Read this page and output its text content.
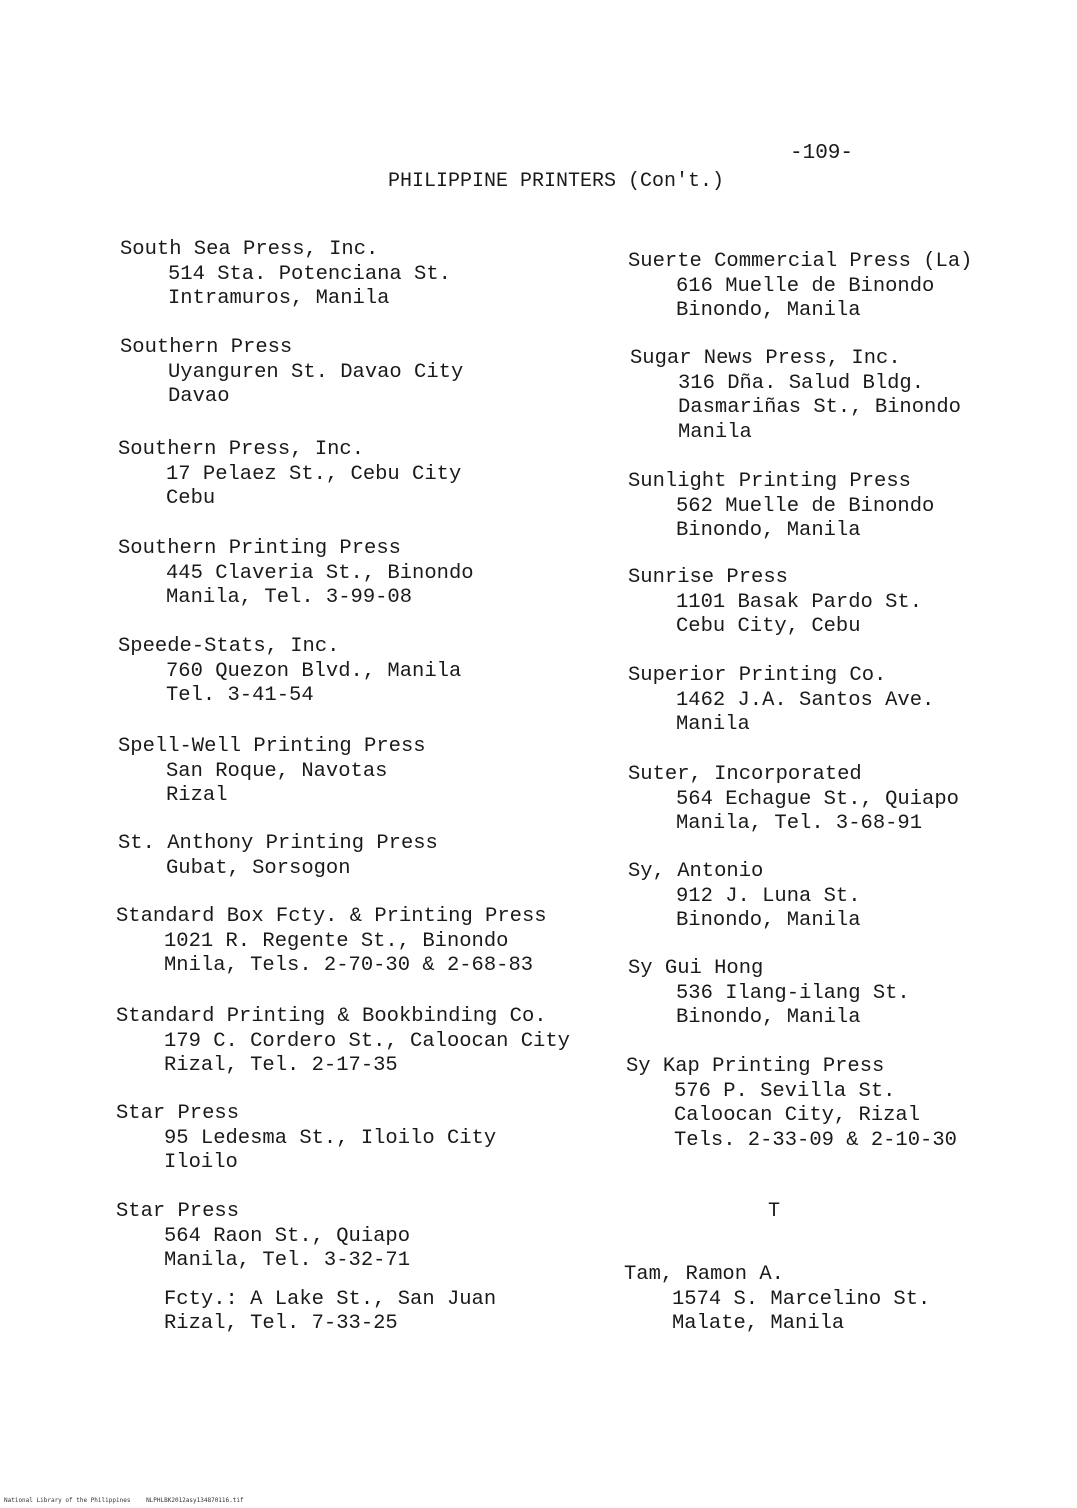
-109-
PHILIPPINE PRINTERS (Con't.)
South Sea Press, Inc.
514 Sta. Potenciana St.
Intramuros, Manila
Southern Press
Uyanguren St. Davao City
Davao
Southern Press, Inc.
17 Pelaez St., Cebu City
Cebu
Southern Printing Press
445 Claveria St., Binondo
Manila, Tel. 3-99-08
Speede-Stats, Inc.
760 Quezon Blvd., Manila
Tel. 3-41-54
Spell-Well Printing Press
San Roque, Navotas
Rizal
St. Anthony Printing Press
Gubat, Sorsogon
Standard Box Fcty. & Printing Press
1021 R. Regente St., Binondo
Mnila, Tels. 2-70-30 & 2-68-83
Standard Printing & Bookbinding Co.
179 C. Cordero St., Caloocan City
Rizal, Tel. 2-17-35
Star Press
95 Ledesma St., Iloilo City
Iloilo
Star Press
564 Raon St., Quiapo
Manila, Tel. 3-32-71
Fcty.: A Lake St., San Juan
Rizal, Tel. 7-33-25
Suerte Commercial Press (La)
616 Muelle de Binondo
Binondo, Manila
Sugar News Press, Inc.
316 Dña. Salud Bldg.
Dasmariñas St., Binondo
Manila
Sunlight Printing Press
562 Muelle de Binondo
Binondo, Manila
Sunrise Press
1101 Basak Pardo St.
Cebu City, Cebu
Superior Printing Co.
1462 J.A. Santos Ave.
Manila
Suter, Incorporated
564 Echague St., Quiapo
Manila, Tel. 3-68-91
Sy, Antonio
912 J. Luna St.
Binondo, Manila
Sy Gui Hong
536 Ilang-ilang St.
Binondo, Manila
Sy Kap Printing Press
576 P. Sevilla St.
Caloocan City, Rizal
Tels. 2-33-09 & 2-10-30
T
Tam, Ramon A.
1574 S. Marcelino St.
Malate, Manila
National Library of the Philippines	NLPHLBK2012asy134870116.tif
